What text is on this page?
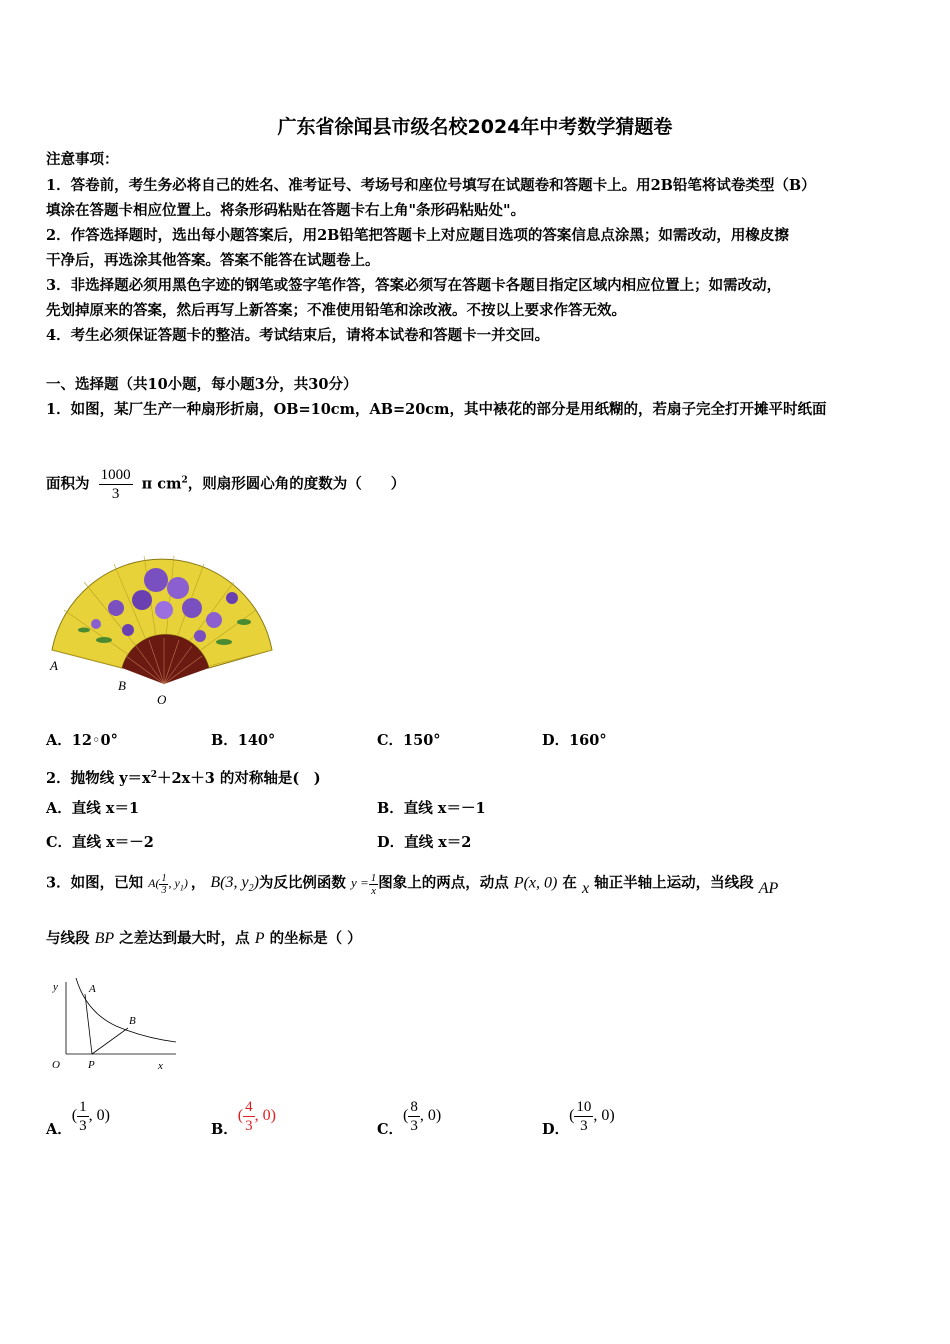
广东省徐闻县市级名校2024年中考数学猜题卷
注意事项：
1．答卷前，考生务必将自己的姓名、准考证号、考场号和座位号填写在试题卷和答题卡上。用2B铅笔将试卷类型（B）
填涂在答题卡相应位置上。将条形码粘贴在答题卡右上角"条形码粘贴处"。
2．作答选择题时，选出每小题答案后，用2B铅笔把答题卡上对应题目选项的答案信息点涂黑；如需改动，用橡皮擦
干净后，再选涂其他答案。答案不能答在试题卷上。
3．非选择题必须用黑色字迹的钢笔或签字笔作答，答案必须写在答题卡各题目指定区域内相应位置上；如需改动，
先划掉原来的答案，然后再写上新答案；不准使用铅笔和涂改液。不按以上要求作答无效。
4．考生必须保证答题卡的整洁。考试结束后，请将本试卷和答题卡一并交回。
一、选择题（共10小题，每小题3分，共30分）
1．如图，某厂生产一种扇形折扇，OB=10cm，AB=20cm，其中裱花的部分是用纸糊的，若扇子完全打开摊平时纸面
面积为 $\frac{1000}{3}$ π $cm^2$，则扇形圆心角的度数为（　　）
A
B
O
A．12◦0°	B．140°	C．150°	D．160°
2．抛物线 $y=x^2+2x+3$ 的对称轴是(　)
A．直线 x＝1	B．直线 x＝－1
C．直线 x＝－2	D．直线 x＝2
3．如图，已知 $A( \frac{1}{3}$ , $y_1$) ， B(3, $y_2$)为反比例函数 $y = \frac{1}{x}$ 图象上的两点，动点 P(x, 0) 在 x 轴正半轴上运动，当线段 AP
与线段 BP 之差达到最大时，点 P 的坐标是（ ）
y	A
B
O	P	x
A．( $\frac{1}{3}$ , 0)
B．( $\frac{4}{3}$ , 0)
C．( $\frac{8}{3}$ , 0)
D．( $\frac{10}{3}$ , 0)
